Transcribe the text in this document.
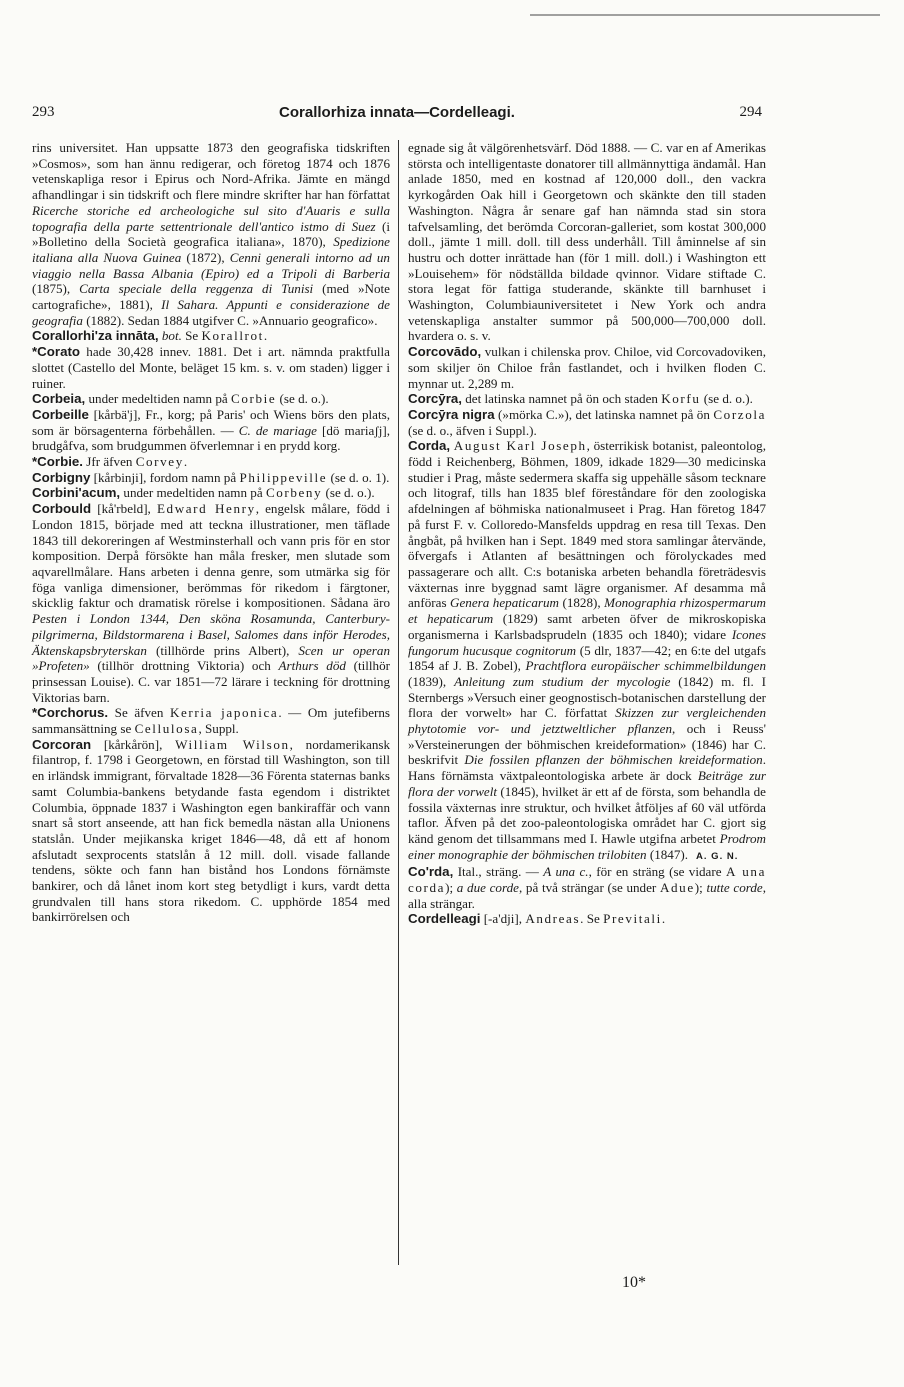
293	Corallorhiza innata—Cordelleagi.	294

rins universitet. Han uppsatte 1873 den geografiska tidskriften »Cosmos», som han ännu redigerar, och företog 1874 och 1876 vetenskapliga resor i Epirus och Nord-Afrika. Jämte en mängd afhandlingar i sin tidskrift och flere mindre skrifter har han författat Ricerche storiche ed archeologiche sul sito d'Auaris e sulla topografia della parte settentrionale dell'antico istmo di Suez (i »Bolletino della Società geografica italiana», 1870), Spedizione italiana alla Nuova Guinea (1872), Cenni generali intorno ad un viaggio nella Bassa Albania (Epiro) ed a Tripoli di Barberia (1875), Carta speciale della reggenza di Tunisi (med »Note cartografiche», 1881), Il Sahara. Appunti e considerazione de geografia (1882). Sedan 1884 utgifver C. »Annuario geografico».

Corallorhi'za innāta, bot. Se Korallrot.

*Corato hade 30,428 innev. 1881. Det i art. nämnda praktfulla slottet (Castello del Monte, beläget 15 km. s. v. om staden) ligger i ruiner.

Corbeia, under medeltiden namn på Corbie (se d. o.).

Corbeille [kårbä'j], Fr., korg; på Paris' och Wiens börs den plats, som är börsagenterna förbehållen. — C. de mariage [dö mariaʃj], brudgåfva, som brudgummen öfverlemnar i en prydd korg.

*Corbie. Jfr äfven Corvey.

Corbigny [kårbinji], fordom namn på Philippeville (se d. o. 1).

Corbini'acum, under medeltiden namn på Corbeny (se d. o.).

Corbould [kå'rbeld], Edward Henry, engelsk målare, född i London 1815, började med att teckna illustrationer, men täflade 1843 till dekoreringen af Westminsterhall och vann pris för en stor komposition. Derpå försökte han måla fresker, men slutade som aqvarellmålare. Hans arbeten i denna genre, som utmärka sig för föga vanliga dimensioner, berömmas för rikedom i färgtoner, skicklig faktur och dramatisk rörelse i kompositionen. Sådana äro Pesten i London 1344, Den sköna Rosamunda, Canterbury-pilgrimerna, Bildstormarena i Basel, Salomes dans inför Herodes, Äktenskapsbryterskan (tillhörde prins Albert), Scen ur operan »Profeten» (tillhör drottning Viktoria) och Arthurs död (tillhör prinsessan Louise). C. var 1851—72 lärare i teckning för drottning Viktorias barn.

*Corchorus. Se äfven Kerria japonica. — Om jutefiberns sammansättning se Cellulosa, Suppl.

Corcoran [kårkårön], William Wilson, nordamerikansk filantrop, f. 1798 i Georgetown, en förstad till Washington, son till en irländsk immigrant, förvaltade 1828—36 Förenta staternas banks samt Columbia-bankens betydande fasta egendom i distriktet Columbia, öppnade 1837 i Washington egen bankiraffär och vann snart så stort anseende, att han fick bemedla nästan alla Unionens statslån. Under mejikanska kriget 1846—48, då ett af honom afslutadt sexprocents statslån å 12 mill. doll. visade fallande tendens, sökte och fann han bistånd hos Londons förnämste bankirer, och då lånet inom kort steg betydligt i kurs, vardt detta grundvalen till hans stora rikedom. C. upphörde 1854 med bankirrörelsen och

egnade sig åt välgörenhetsvärf. Död 1888. — C. var en af Amerikas största och intelligentaste donatorer till allmännyttiga ändamål. Han anlade 1850, med en kostnad af 120,000 doll., den vackra kyrkogården Oak hill i Georgetown och skänkte den till staden Washington. Några år senare gaf han nämnda stad sin stora tafvelsamling, det berömda Corcoran-galleriet, som kostat 300,000 doll., jämte 1 mill. doll. till dess underhåll. Till åminnelse af sin hustru och dotter inrättade han (för 1 mill. doll.) i Washington ett »Louisehem» för nödställda bildade qvinnor. Vidare stiftade C. stora legat för fattiga studerande, skänkte till barnhuset i Washington, Columbiauniversitetet i New York och andra vetenskapliga anstalter summor på 500,000—700,000 doll. hvardera o. s. v.

Corcovādo, vulkan i chilenska prov. Chiloe, vid Corcovadoviken, som skiljer ön Chiloe från fastlandet, och i hvilken floden C. mynnar ut. 2,289 m.

Corcȳra, det latinska namnet på ön och staden Korfu (se d. o.).

Corcȳra nigra (»mörka C.»), det latinska namnet på ön Corzola (se d. o., äfven i Suppl.).

Corda, August Karl Joseph, österrikisk botanist, paleontolog, född i Reichenberg, Böhmen, 1809, idkade 1829—30 medicinska studier i Prag, måste sedermera skaffa sig uppehälle såsom tecknare och litograf, tills han 1835 blef föreståndare för den zoologiska afdelningen af böhmiska nationalmuseet i Prag. Han företog 1847 på furst F. v. Colloredo-Mansfelds uppdrag en resa till Texas. Den ångbåt, på hvilken han i Sept. 1849 med stora samlingar återvände, öfvergafs i Atlanten af besättningen och förolyckades med passagerare och allt. C:s botaniska arbeten behandla företrädesvis växternas inre byggnad samt lägre organismer. Af desamma må anföras Genera hepaticarum (1828), Monographia rhizospermarum et hepaticarum (1829) samt arbeten öfver de mikroskopiska organismerna i Karlsbadsprudeln (1835 och 1840); vidare Icones fungorum hucusque cognitorum (5 dlr, 1837—42; en 6:te del utgafs 1854 af J. B. Zobel), Prachtflora europäischer schimmelbildungen (1839), Anleitung zum studium der mycologie (1842) m. fl. I Sternbergs »Versuch einer geognostisch-botanischen darstellung der flora der vorwelt» har C. författat Skizzen zur vergleichenden phytotomie vor- und jetztweltlicher pflanzen, och i Reuss' »Versteinerungen der böhmischen kreideformation» (1846) har C. beskrifvit Die fossilen pflanzen der böhmischen kreideformation. Hans förnämsta växtpaleontologiska arbete är dock Beiträge zur flora der vorwelt (1845), hvilket är ett af de första, som behandla de fossila växternas inre struktur, och hvilket åtföljes af 60 väl utförda taflor. Äfven på det zoo-paleontologiska området har C. gjort sig känd genom det tillsammans med I. Hawle utgifna arbetet Prodrom einer monographie der böhmischen trilobiten (1847). A. G. N.

Co'rda, Ital., sträng. — A una c., för en sträng (se vidare A una corda); a due corde, på två strängar (se under Adue); tutte corde, alla strängar.

Cordelleagi [-a'dji], Andreas. Se Previtali.

10*
